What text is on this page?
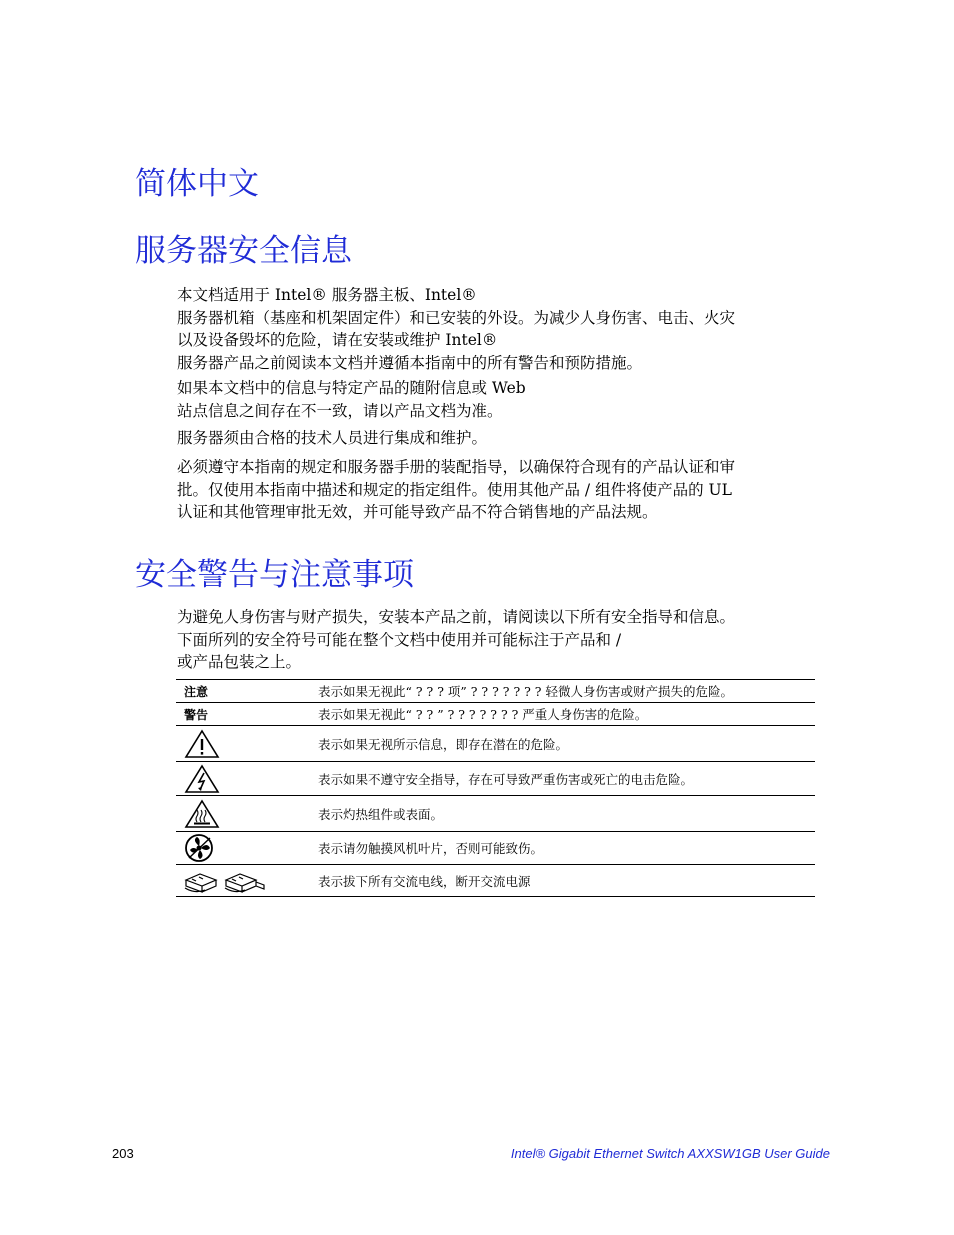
简体中文
服务器安全信息
本文档适用于 Intel® 服务器主板、Intel®
服务器机箱（基座和机架固定件）和已安装的外设。为减少人身伤害、电击、火灾
以及设备毁坏的危险，请在安装或维护 Intel®
服务器产品之前阅读本文档并遵循本指南中的所有警告和预防措施。
如果本文档中的信息与特定产品的随附信息或 Web
站点信息之间存在不一致，请以产品文档为准。
服务器须由合格的技术人员进行集成和维护。
必须遵守本指南的规定和服务器手册的装配指导，以确保符合现有的产品认证和审
批。仅使用本指南中描述和规定的指定组件。使用其他产品 / 组件将使产品的 UL
认证和其他管理审批无效，并可能导致产品不符合销售地的产品法规。
安全警告与注意事项
为避免人身伤害与财产损失，安装本产品之前，请阅读以下所有安全指导和信息。
下面所列的安全符号可能在整个文档中使用并可能标注于产品和 /
或产品包装之上。
注意	表示如果无视此“ ? ? ? 项” ? ? ? ? ? ? ? 轻微人身伤害或财产损失的危险。
警告	表示如果无视此“ ? ? ” ? ? ? ? ? ? ? 严重人身伤害的危险。

	表示如果无视所示信息，即存在潜在的危险。

	表示如果不遵守安全指导，存在可导致严重伤害或死亡的电击危险。

	表示灼热组件或表面。

	表示请勿触摸风机叶片，否则可能致伤。

	表示拔下所有交流电线，断开交流电源
203	Intel® Gigabit Ethernet Switch AXXSW1GB User Guide
